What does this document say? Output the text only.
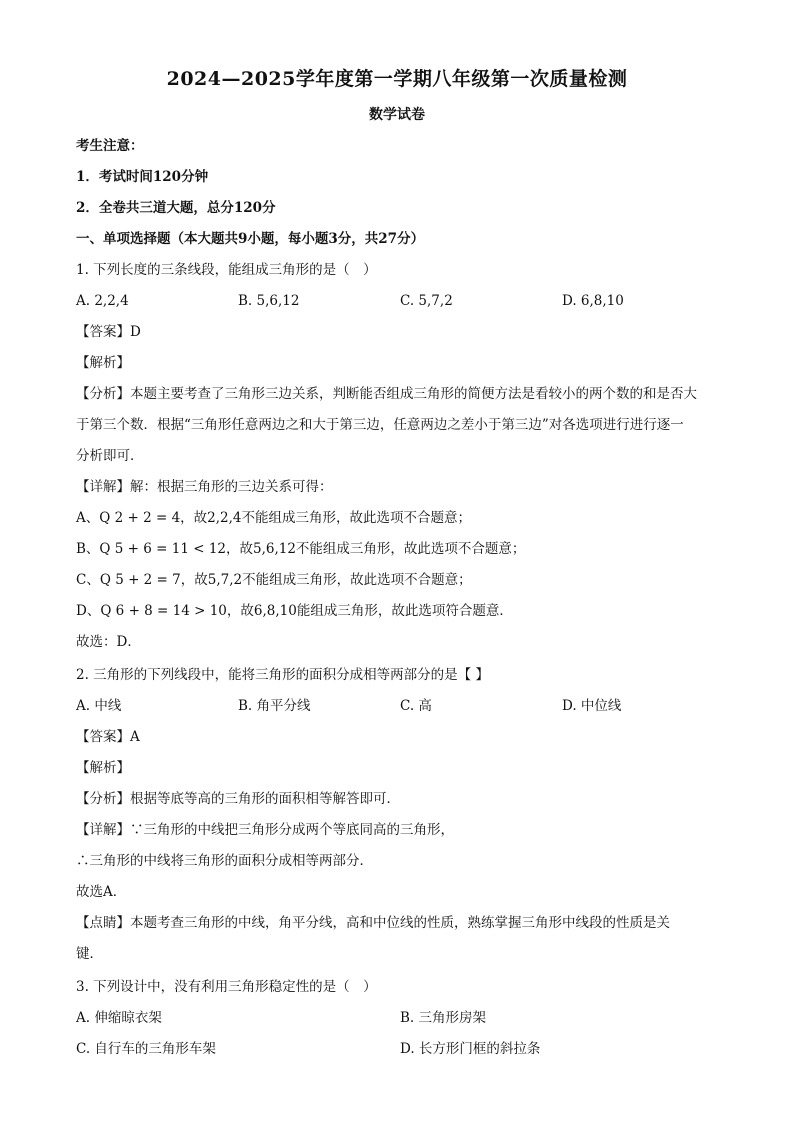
2024—2025学年度第一学期八年级第一次质量检测
数学试卷
考生注意：
1．考试时间120分钟
2．全卷共三道大题，总分120分
一、单项选择题（本大题共9小题，每小题3分，共27分）
1. 下列长度的三条线段，能组成三角形的是（　）
A. 2,2,4	B. 5,6,12	C. 5,7,2	D. 6,8,10
【答案】D
【解析】
【分析】本题主要考查了三角形三边关系，判断能否组成三角形的简便方法是看较小的两个数的和是否大
于第三个数．根据“三角形任意两边之和大于第三边，任意两边之差小于第三边”对各选项进行进行逐一
分析即可．
【详解】解：根据三角形的三边关系可得：
A、Q 2 + 2 = 4，故2,2,4不能组成三角形，故此选项不合题意；
B、Q 5 + 6 = 11 < 12，故5,6,12不能组成三角形，故此选项不合题意；
C、Q 5 + 2 = 7，故5,7,2不能组成三角形，故此选项不合题意；
D、Q 6 + 8 = 14 > 10，故6,8,10能组成三角形，故此选项符合题意．
故选：D．
2. 三角形的下列线段中，能将三角形的面积分成相等两部分的是【 】
A. 中线	B. 角平分线	C. 高	D. 中位线
【答案】A
【解析】
【分析】根据等底等高的三角形的面积相等解答即可．
【详解】∵三角形的中线把三角形分成两个等底同高的三角形，
∴三角形的中线将三角形的面积分成相等两部分．
故选A．
【点睛】本题考查三角形的中线，角平分线，高和中位线的性质，熟练掌握三角形中线段的性质是关
键．
3. 下列设计中，没有利用三角形稳定性的是（　）
A. 伸缩晾衣架	B. 三角形房架
C. 自行车的三角形车架	D. 长方形门框的斜拉条
